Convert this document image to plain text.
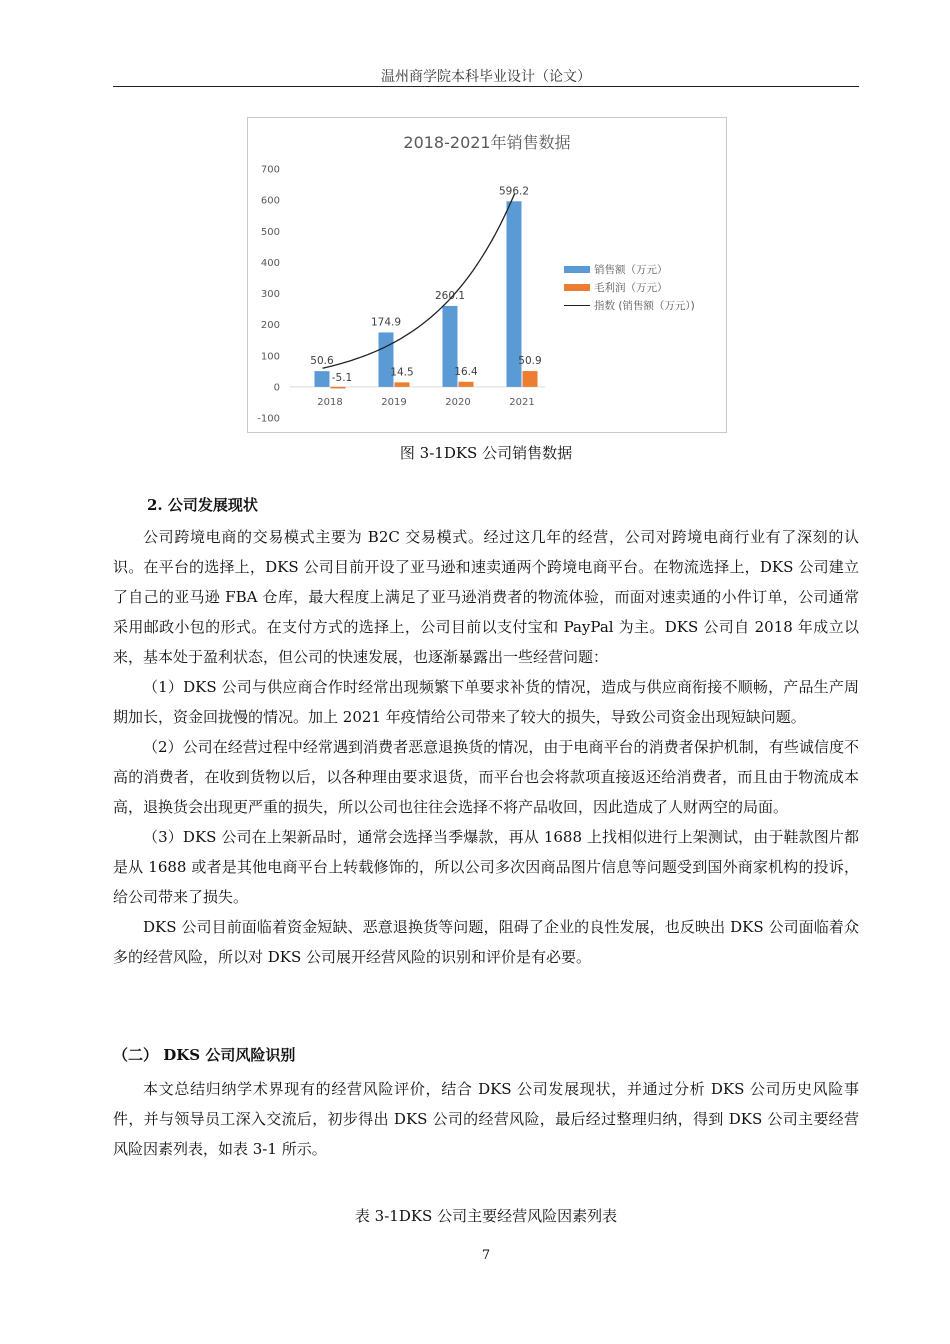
温州商学院本科毕业设计（论文）
2018-2021年销售数据
700
600
500
400
300
200
100
0
-100
50.6
-5.1
2018
174.9
14.5
2019
260.1
16.4
2020
596.2
50.9
2021
销售额（万元）
毛利润（万元）
指数 (销售额（万元）)
图 3-1DKS 公司销售数据
2. 公司发展现状

公司跨境电商的交易模式主要为 B2C 交易模式。经过这几年的经营，公司对跨境电商行业有了深刻的认识。在平台的选择上，DKS 公司目前开设了亚马逊和速卖通两个跨境电商平台。在物流选择上，DKS 公司建立了自己的亚马逊 FBA 仓库，最大程度上满足了亚马逊消费者的物流体验，而面对速卖通的小件订单，公司通常采用邮政小包的形式。在支付方式的选择上，公司目前以支付宝和 PayPal 为主。DKS 公司自 2018 年成立以来，基本处于盈利状态，但公司的快速发展，也逐渐暴露出一些经营问题：

（1）DKS 公司与供应商合作时经常出现频繁下单要求补货的情况，造成与供应商衔接不顺畅，产品生产周期加长，资金回拢慢的情况。加上 2021 年疫情给公司带来了较大的损失，导致公司资金出现短缺问题。

（2）公司在经营过程中经常遇到消费者恶意退换货的情况，由于电商平台的消费者保护机制，有些诚信度不高的消费者，在收到货物以后，以各种理由要求退货，而平台也会将款项直接返还给消费者，而且由于物流成本高，退换货会出现更严重的损失，所以公司也往往会选择不将产品收回，因此造成了人财两空的局面。

（3）DKS 公司在上架新品时，通常会选择当季爆款，再从 1688 上找相似进行上架测试，由于鞋款图片都是从 1688 或者是其他电商平台上转载修饰的，所以公司多次因商品图片信息等问题受到国外商家机构的投诉，给公司带来了损失。

DKS 公司目前面临着资金短缺、恶意退换货等问题，阻碍了企业的良性发展，也反映出 DKS 公司面临着众多的经营风险，所以对 DKS 公司展开经营风险的识别和评价是有必要。

（二） DKS 公司风险识别

本文总结归纳学术界现有的经营风险评价，结合 DKS 公司发展现状，并通过分析 DKS 公司历史风险事件，并与领导员工深入交流后，初步得出 DKS 公司的经营风险，最后经过整理归纳，得到 DKS 公司主要经营风险因素列表，如表 3-1 所示。

表 3-1DKS 公司主要经营风险因素列表
7
